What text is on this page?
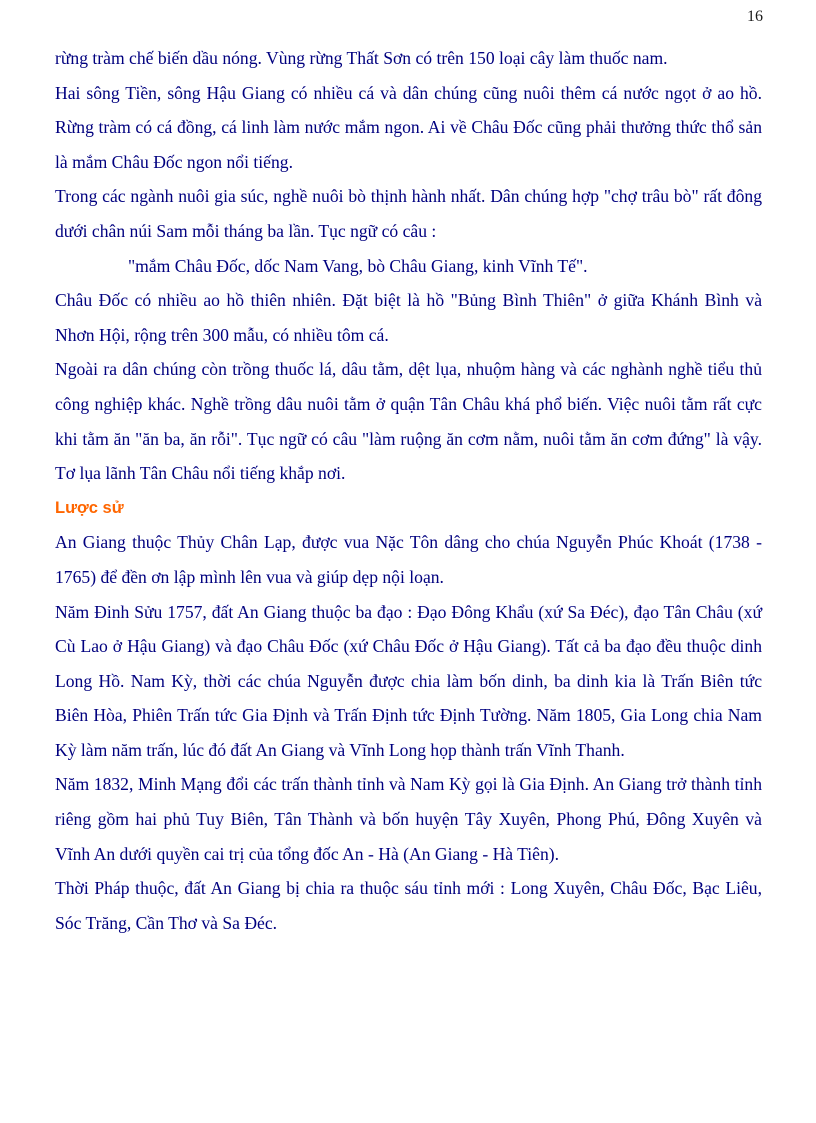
16

rừng tràm chế biến dầu nóng. Vùng rừng Thất Sơn có trên 150 loại cây làm thuốc nam.

Hai sông Tiền, sông Hậu Giang có nhiều cá và dân chúng cũng nuôi thêm cá nước ngọt ở ao hồ. Rừng tràm có cá đồng, cá linh làm nước mắm ngon. Ai về Châu Đốc cũng phải thưởng thức thổ sản là mắm Châu Đốc ngon nổi tiếng.

Trong các ngành nuôi gia súc, nghề nuôi bò thịnh hành nhất. Dân chúng hợp "chợ trâu bò" rất đông dưới chân núi Sam mỗi tháng ba lần. Tục ngữ có câu :

"mắm Châu Đốc, dốc Nam Vang, bò Châu Giang, kinh Vĩnh Tế".

Châu Đốc có nhiều ao hồ thiên nhiên. Đặt biệt là hồ "Bủng Bình Thiên" ở giữa Khánh Bình và Nhơn Hội, rộng trên 300 mẫu, có nhiều tôm cá.

Ngoài ra dân chúng còn trồng thuốc lá, dâu tằm, dệt lụa, nhuộm hàng và các nghành nghề tiểu thủ công nghiệp khác. Nghề trồng dâu nuôi tằm ở quận Tân Châu khá phổ biến. Việc nuôi tằm rất cực khi tằm ăn "ăn ba, ăn rỗi". Tục ngữ có câu "làm ruộng ăn cơm nằm, nuôi tằm ăn cơm đứng" là vậy. Tơ lụa lãnh Tân Châu nổi tiếng khắp nơi.

Lược sử

An Giang thuộc Thủy Chân Lạp, được vua Nặc Tôn dâng cho chúa Nguyễn Phúc Khoát (1738 - 1765) để đền ơn lập mình lên vua và giúp dẹp nội loạn.

Năm Đinh Sửu 1757, đất An Giang thuộc ba đạo : Đạo Đông Khẩu (xứ Sa Đéc), đạo Tân Châu (xứ Cù Lao ở Hậu Giang) và đạo Châu Đốc (xứ Châu Đốc ở Hậu Giang). Tất cả ba đạo đều thuộc dinh Long Hồ. Nam Kỳ, thời các chúa Nguyễn được chia làm bốn dinh, ba dinh kia là Trấn Biên tức Biên Hòa, Phiên Trấn tức Gia Định và Trấn Định tức Định Tường. Năm 1805, Gia Long chia Nam Kỳ làm năm trấn, lúc đó đất An Giang và Vĩnh Long họp thành trấn Vĩnh Thanh.

Năm 1832, Minh Mạng đổi các trấn thành tỉnh và Nam Kỳ gọi là Gia Định. An Giang trở thành tỉnh riêng gồm hai phủ Tuy Biên, Tân Thành và bốn huyện Tây Xuyên, Phong Phú, Đông Xuyên và Vĩnh An dưới quyền cai trị của tổng đốc An - Hà (An Giang - Hà Tiên).

Thời Pháp thuộc, đất An Giang bị chia ra thuộc sáu tỉnh mới : Long Xuyên, Châu Đốc, Bạc Liêu, Sóc Trăng, Cần Thơ và Sa Đéc.
